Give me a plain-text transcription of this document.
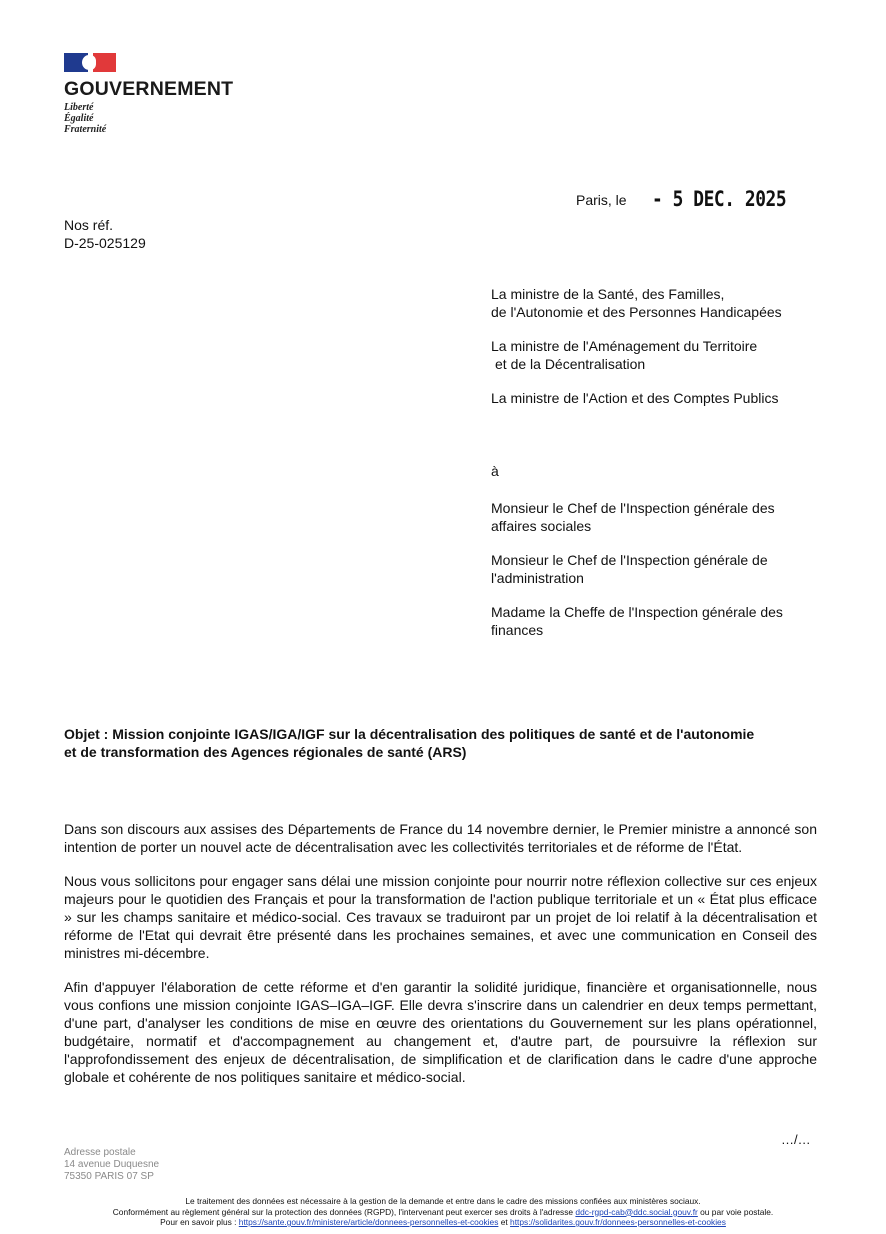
GOUVERNEMENT
Liberté
Égalité
Fraternité
Nos réf.
D-25-025129
Paris, le - 5 DEC. 2025
La ministre de la Santé, des Familles,
de l'Autonomie et des Personnes Handicapées
La ministre de l'Aménagement du Territoire
et de la Décentralisation
La ministre de l'Action et des Comptes Publics
à
Monsieur le Chef de l'Inspection générale des
affaires sociales
Monsieur le Chef de l'Inspection générale de
l'administration
Madame la Cheffe de l'Inspection générale des
finances
Objet : Mission conjointe IGAS/IGA/IGF sur la décentralisation des politiques de santé et de l'autonomie
et de transformation des Agences régionales de santé (ARS)

Dans son discours aux assises des Départements de France du 14 novembre dernier, le Premier ministre a annoncé son intention de porter un nouvel acte de décentralisation avec les collectivités territoriales et de réforme de l'État.

Nous vous sollicitons pour engager sans délai une mission conjointe pour nourrir notre réflexion collective sur ces enjeux majeurs pour le quotidien des Français et pour la transformation de l'action publique territoriale et un « État plus efficace » sur les champs sanitaire et médico-social. Ces travaux se traduiront par un projet de loi relatif à la décentralisation et réforme de l'Etat qui devrait être présenté dans les prochaines semaines, et avec une communication en Conseil des ministres mi-décembre.

Afin d'appuyer l'élaboration de cette réforme et d'en garantir la solidité juridique, financière et organisationnelle, nous vous confions une mission conjointe IGAS–IGA–IGF. Elle devra s'inscrire dans un calendrier en deux temps permettant, d'une part, d'analyser les conditions de mise en œuvre des orientations du Gouvernement sur les plans opérationnel, budgétaire, normatif et d'accompagnement au changement et, d'autre part, de poursuivre la réflexion sur l'approfondissement des enjeux de décentralisation, de simplification et de clarification dans le cadre d'une approche globale et cohérente de nos politiques sanitaire et médico-social.

…/…
Adresse postale
14 avenue Duquesne
75350 PARIS 07 SP
Le traitement des données est nécessaire à la gestion de la demande et entre dans le cadre des missions confiées aux ministères sociaux.
Conformément au règlement général sur la protection des données (RGPD), l'intervenant peut exercer ses droits à l'adresse ddc-rgpd-cab@ddc.social.gouv.fr ou par voie postale.
Pour en savoir plus : https://sante.gouv.fr/ministere/article/donnees-personnelles-et-cookies et https://solidarites.gouv.fr/donnees-personnelles-et-cookies
